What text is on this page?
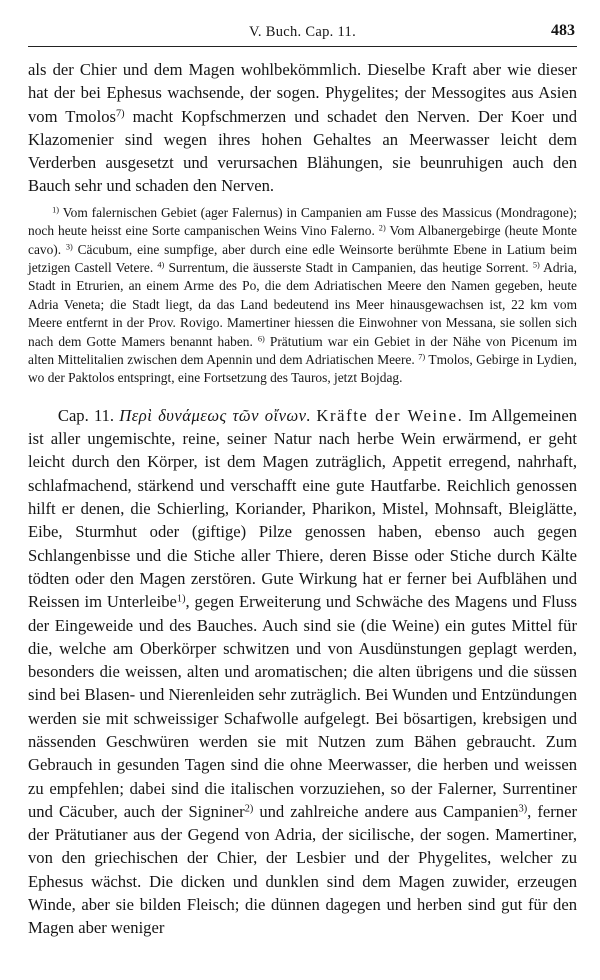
V. Buch. Cap. 11.	483

als der Chier und dem Magen wohlbekömmlich. Dieselbe Kraft aber wie dieser hat der bei Ephesus wachsende, der sogen. Phygelites; der Messogites aus Asien vom Tmolos$^{7)}$ macht Kopfschmerzen und schadet den Nerven. Der Koer und Klazomenier sind wegen ihres hohen Gehaltes an Meerwasser leicht dem Verderben ausgesetzt und verursachen Blähungen, sie beunruhigen auch den Bauch sehr und schaden den Nerven.

$^{1)}$ Vom falernischen Gebiet (ager Falernus) in Campanien am Fusse des Massicus (Mondragone); noch heute heisst eine Sorte campanischen Weins Vino Falerno. $^{2)}$ Vom Albanergebirge (heute Monte cavo). $^{3)}$ Cäcubum, eine sumpfige, aber durch eine edle Weinsorte berühmte Ebene in Latium beim jetzigen Castell Vetere. $^{4)}$ Surrentum, die äusserste Stadt in Campanien, das heutige Sorrent. $^{5)}$ Adria, Stadt in Etrurien, an einem Arme des Po, die dem Adriatischen Meere den Namen gegeben, heute Adria Veneta; die Stadt liegt, da das Land bedeutend ins Meer hinausgewachsen ist, 22 km vom Meere entfernt in der Prov. Rovigo. Mamertiner hiessen die Einwohner von Messana, sie sollen sich nach dem Gotte Mamers benannt haben. $^{6)}$ Prätutium war ein Gebiet in der Nähe von Picenum im alten Mittelitalien zwischen dem Apennin und dem Adriatischen Meere. $^{7)}$ Tmolos, Gebirge in Lydien, wo der Paktolos entspringt, eine Fortsetzung des Tauros, jetzt Bojdag.

Cap. 11. Περὶ δυνάμεως τῶν οἴνων. Kräfte der Weine. Im Allgemeinen ist aller ungemischte, reine, seiner Natur nach herbe Wein erwärmend, er geht leicht durch den Körper, ist dem Magen zuträglich, Appetit erregend, nahrhaft, schlafmachend, stärkend und verschafft eine gute Hautfarbe. Reichlich genossen hilft er denen, die Schierling, Koriander, Pharikon, Mistel, Mohnsaft, Bleiglätte, Eibe, Sturmhut oder (giftige) Pilze genossen haben, ebenso auch gegen Schlangenbisse und die Stiche aller Thiere, deren Bisse oder Stiche durch Kälte tödten oder den Magen zerstören. Gute Wirkung hat er ferner bei Aufblähen und Reissen im Unterleibe$^{1)}$, gegen Erweiterung und Schwäche des Magens und Fluss der Eingeweide und des Bauches. Auch sind sie (die Weine) ein gutes Mittel für die, welche am Oberkörper schwitzen und von Ausdünstungen geplagt werden, besonders die weissen, alten und aromatischen; die alten übrigens und die süssen sind bei Blasen- und Nierenleiden sehr zuträglich. Bei Wunden und Entzündungen werden sie mit schweissiger Schafwolle aufgelegt. Bei bösartigen, krebsigen und nässenden Geschwüren werden sie mit Nutzen zum Bähen gebraucht. Zum Gebrauch in gesunden Tagen sind die ohne Meerwasser, die herben und weissen zu empfehlen; dabei sind die italischen vorzuziehen, so der Falerner, Surrentiner und Cäcuber, auch der Signiner$^{2)}$ und zahlreiche andere aus Campanien$^{3)}$, ferner der Prätutianer aus der Gegend von Adria, der sicilische, der sogen. Mamertiner, von den griechischen der Chier, der Lesbier und der Phygelites, welcher zu Ephesus wächst. Die dicken und dunklen sind dem Magen zuwider, erzeugen Winde, aber sie bilden Fleisch; die dünnen dagegen und herben sind gut für den Magen aber weniger
